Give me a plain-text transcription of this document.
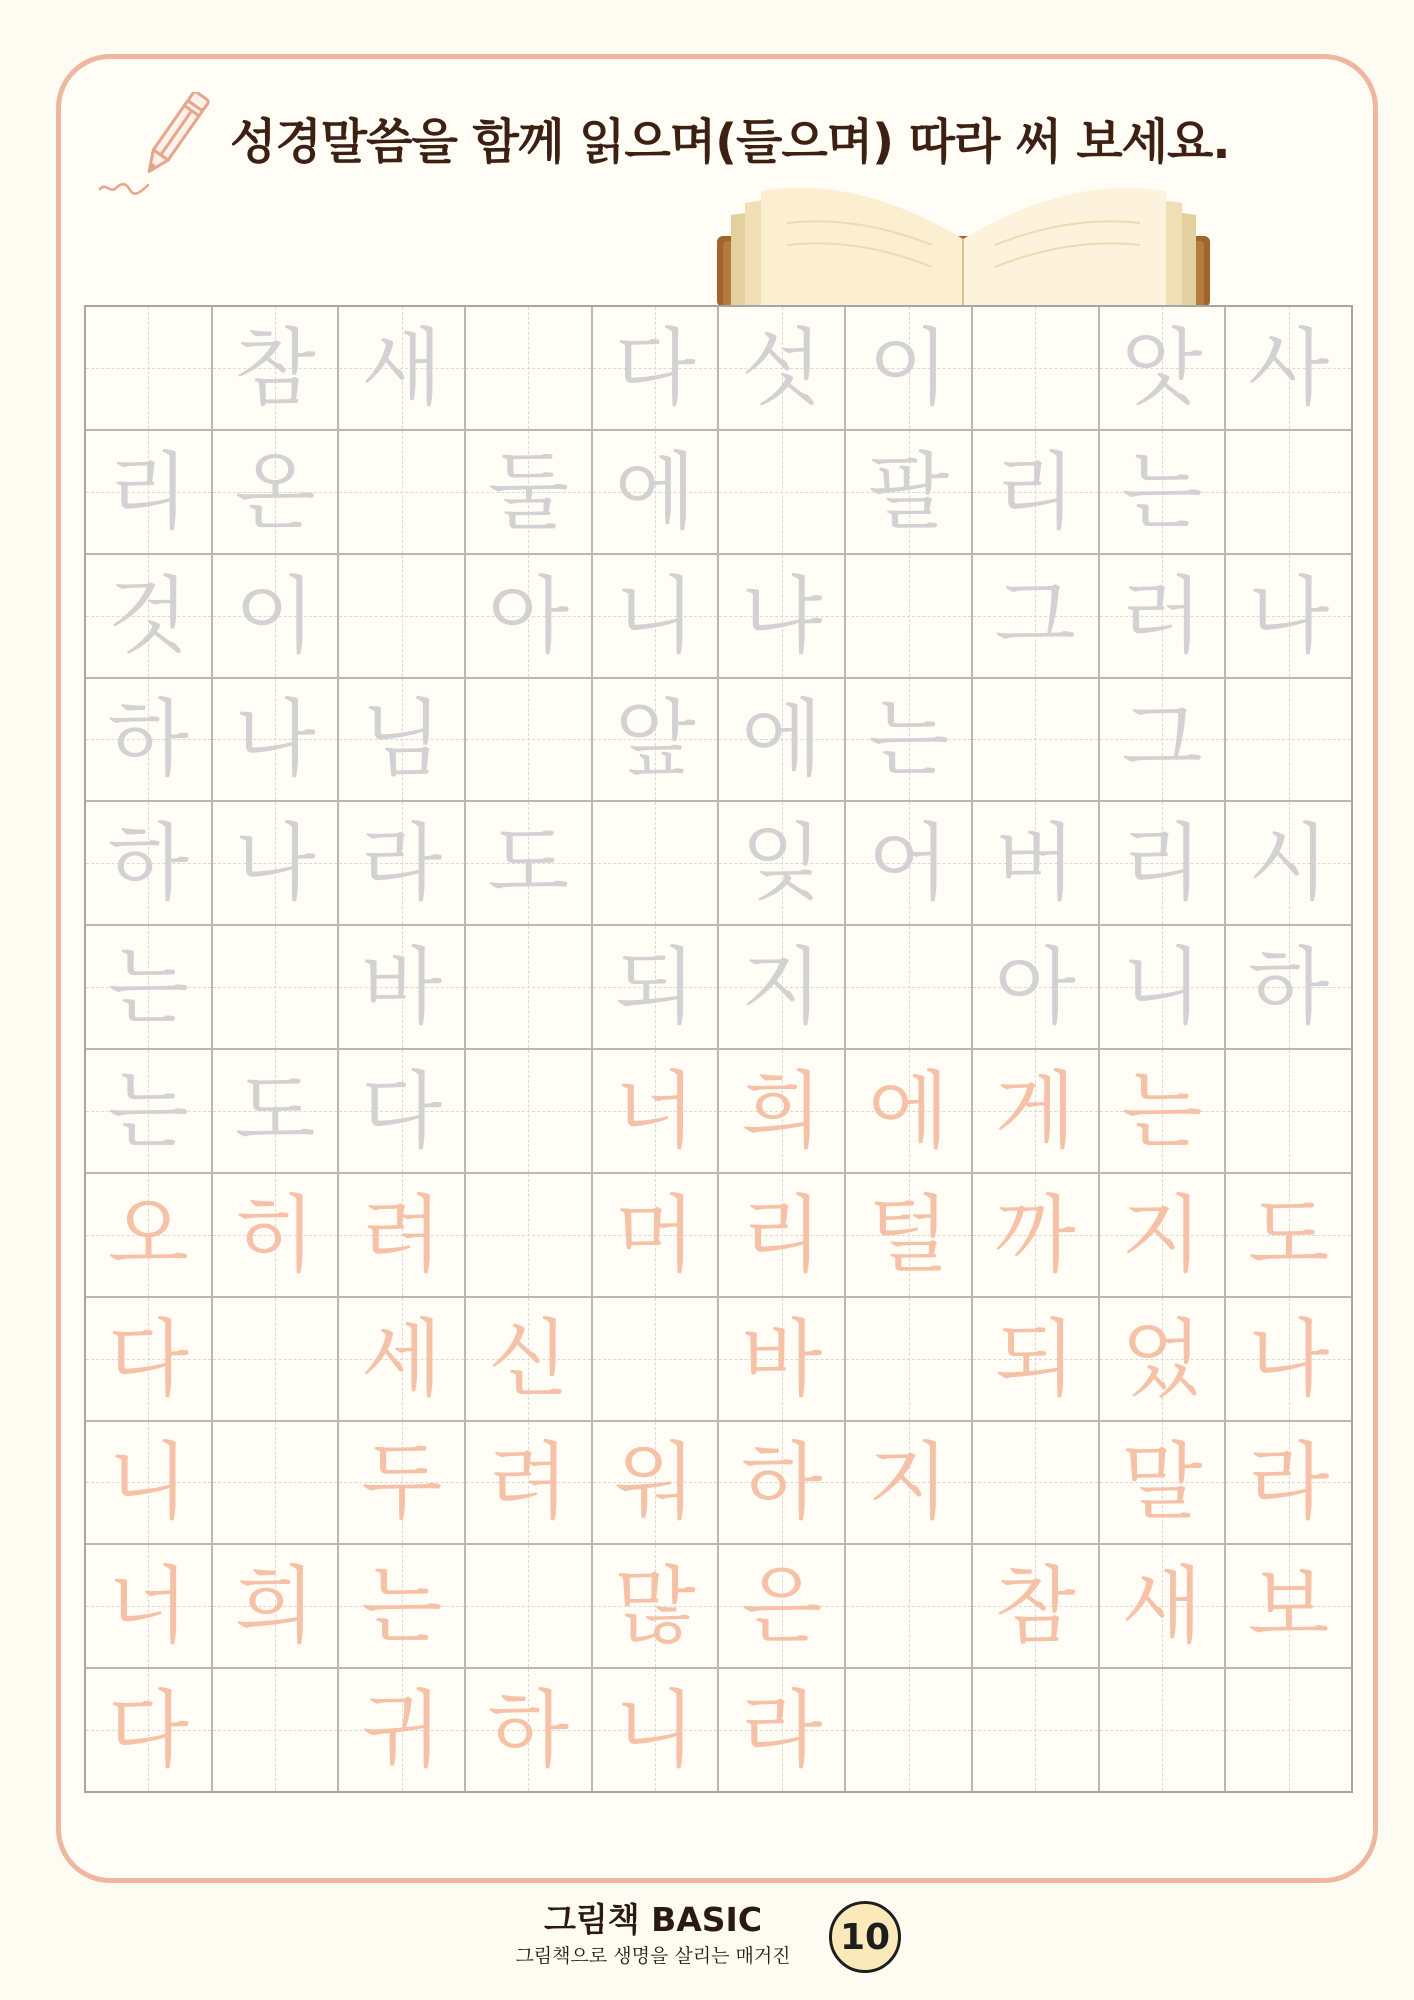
성경말씀을 함께 읽으며(들으며) 따라 써 보세요.
참 새 다 섯 이 앗 사
리 온 둘 에 팔 리 는
것 이 아 니 냐 그 러 나
하 나 님 앞 에 는 그
하 나 라 도 잊 어 버 리 시
는 바 되 지 아 니 하
는 도 다 너 희 에 게 는
오 히 려 머 리 털 까 지 도
다 세 신 바 되 었 나
니 두 려 워 하 지 말 라
너 희 는 많 은 참 새 보
다 귀 하 니 라
그림책 BASIC
그림책으로 생명을 살리는 매거진	10
